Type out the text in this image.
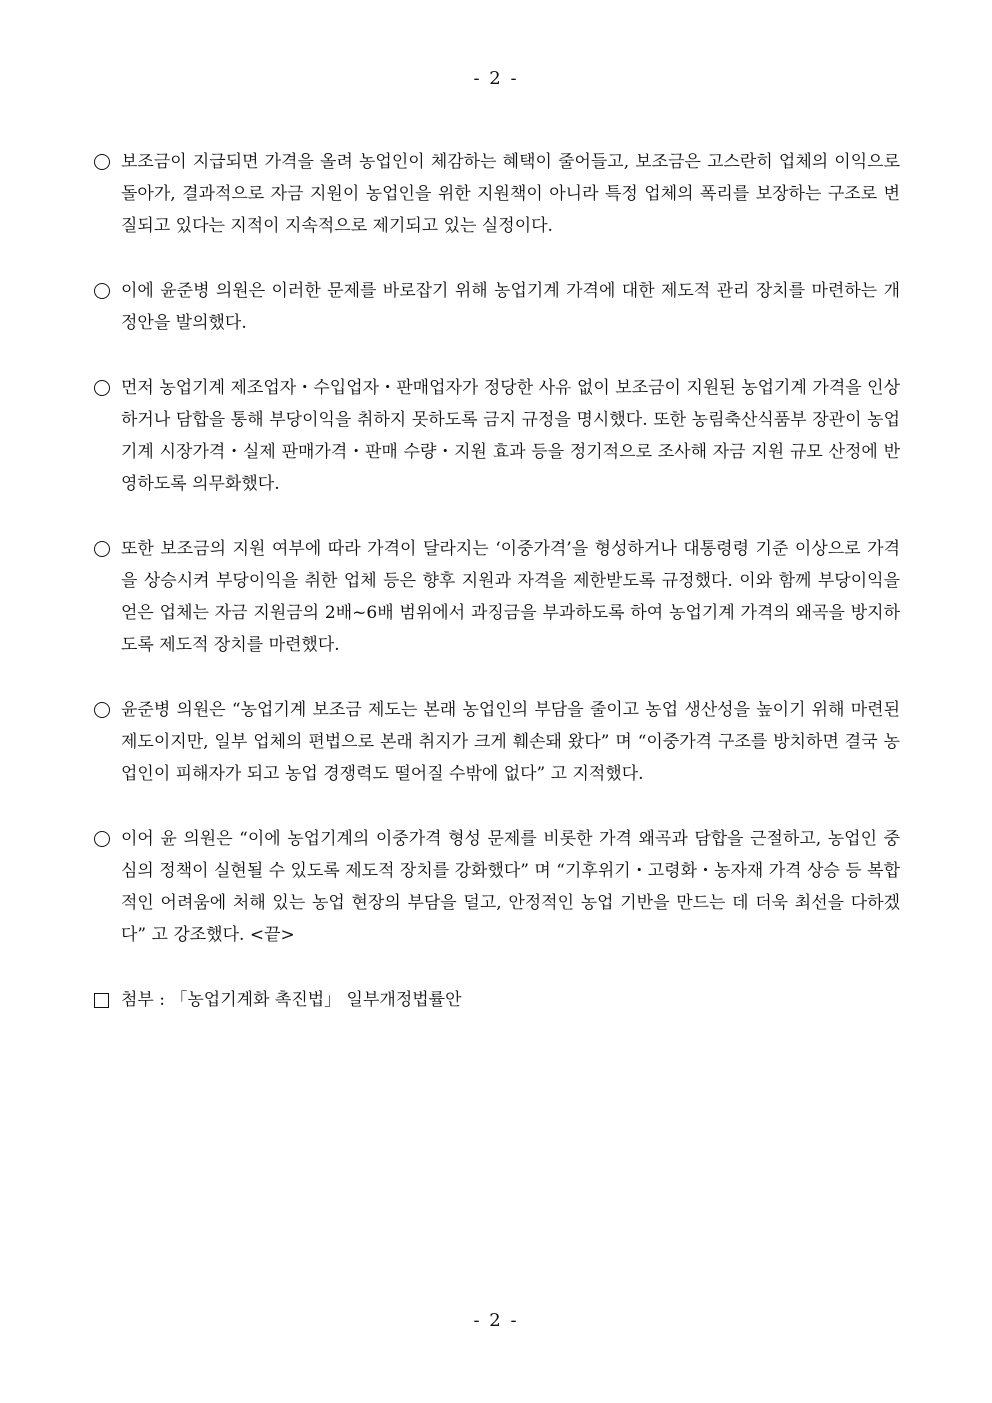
- 2 -

보조금이 지급되면 가격을 올려 농업인이 체감하는 혜택이 줄어들고, 보조금은 고스란히 업체의 이익으로 돌아가, 결과적으로 자금 지원이 농업인을 위한 지원책이 아니라 특정 업체의 폭리를 보장하는 구조로 변질되고 있다는 지적이 지속적으로 제기되고 있는 실정이다.

이에 윤준병 의원은 이러한 문제를 바로잡기 위해 농업기계 가격에 대한 제도적 관리 장치를 마련하는 개정안을 발의했다.

먼저 농업기계 제조업자・수입업자・판매업자가 정당한 사유 없이 보조금이 지원된 농업기계 가격을 인상하거나 담합을 통해 부당이익을 취하지 못하도록 금지 규정을 명시했다. 또한 농림축산식품부 장관이 농업기계 시장가격・실제 판매가격・판매 수량・지원 효과 등을 정기적으로 조사해 자금 지원 규모 산정에 반영하도록 의무화했다.

또한 보조금의 지원 여부에 따라 가격이 달라지는 ‘이중가격’을 형성하거나 대통령령 기준 이상으로 가격을 상승시켜 부당이익을 취한 업체 등은 향후 지원과 자격을 제한받도록 규정했다. 이와 함께 부당이익을 얻은 업체는 자금 지원금의 2배~6배 범위에서 과징금을 부과하도록 하여 농업기계 가격의 왜곡을 방지하도록 제도적 장치를 마련했다.

윤준병 의원은 “농업기계 보조금 제도는 본래 농업인의 부담을 줄이고 농업 생산성을 높이기 위해 마련된 제도이지만, 일부 업체의 편법으로 본래 취지가 크게 훼손돼 왔다” 며 “이중가격 구조를 방치하면 결국 농업인이 피해자가 되고 농업 경쟁력도 떨어질 수밖에 없다” 고 지적했다.

이어 윤 의원은 “이에 농업기계의 이중가격 형성 문제를 비롯한 가격 왜곡과 담합을 근절하고, 농업인 중심의 정책이 실현될 수 있도록 제도적 장치를 강화했다” 며 “기후위기・고령화・농자재 가격 상승 등 복합적인 어려움에 처해 있는 농업 현장의 부담을 덜고, 안정적인 농업 기반을 만드는 데 더욱 최선을 다하겠다” 고 강조했다. <끝>

첨부 : 「농업기계화 촉진법」 일부개정법률안

- 2 -
